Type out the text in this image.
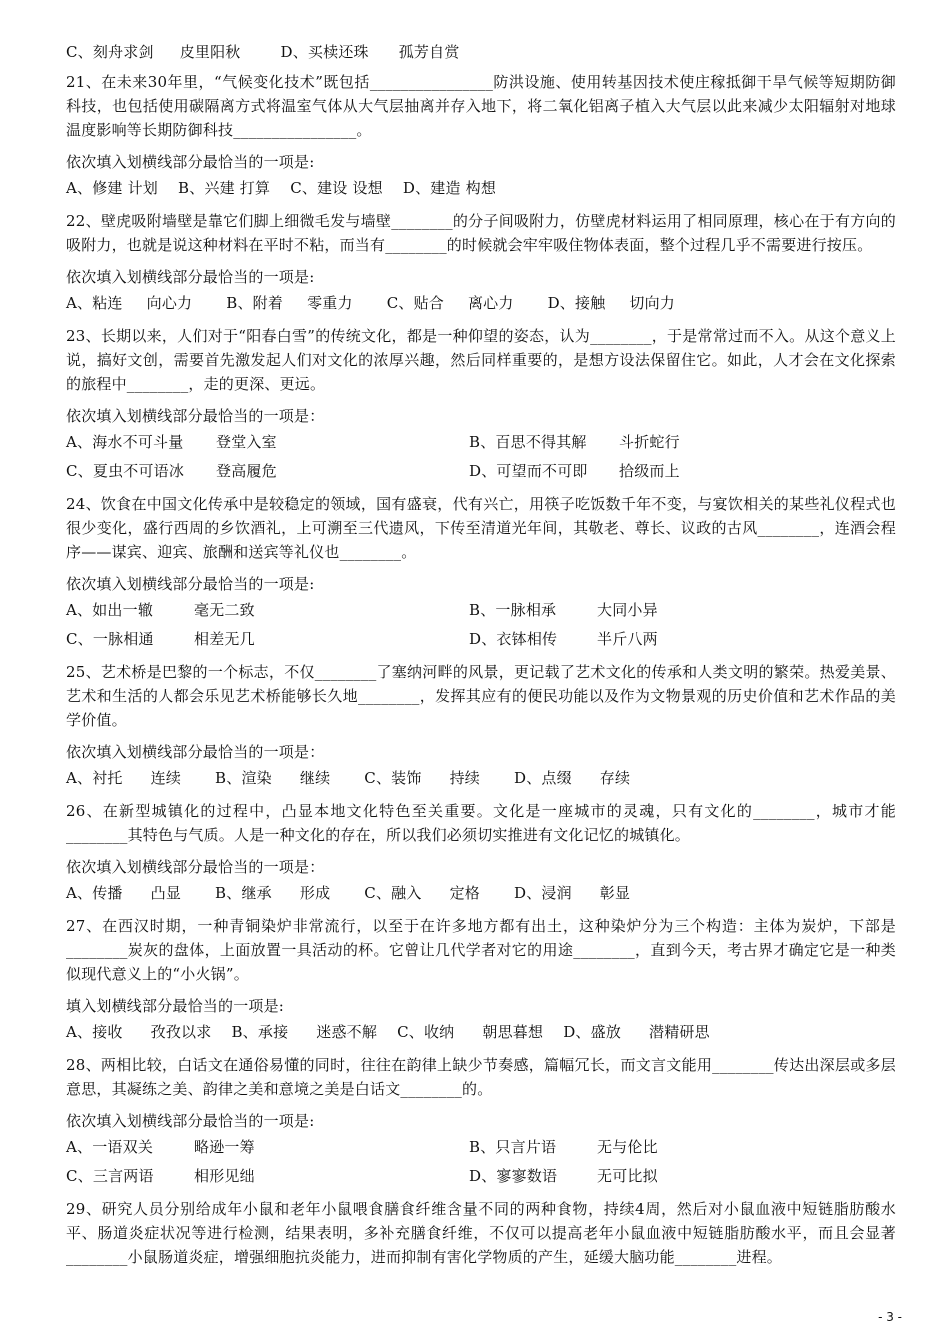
C、刻舟求剑 皮里阳秋	D、买椟还珠 孤芳自赏
21、在未来30年里，“气候变化技术”既包括________________防洪设施、使用转基因技术使庄稼抵御干旱气候等短期防御科技，也包括使用碳隔离方式将温室气体从大气层抽离并存入地下，将二氧化铝离子植入大气层以此来减少太阳辐射对地球温度影响等长期防御科技________________。
依次填入划横线部分最恰当的一项是:
A、修建 计划 B、兴建 打算 C、建设 设想 D、建造 构想
22、壁虎吸附墙壁是靠它们脚上细微毛发与墙壁________的分子间吸附力，仿壁虎材料运用了相同原理，核心在于有方向的吸附力，也就是说这种材料在平时不粘，而当有________的时候就会牢牢吸住物体表面，整个过程几乎不需要进行按压。
依次填入划横线部分最恰当的一项是:
A、粘连 向心力 B、附着 零重力 C、贴合 离心力 D、接触 切向力
23、长期以来，人们对于“阳春白雪”的传统文化，都是一种仰望的姿态，认为________，于是常常过而不入。从这个意义上说，搞好文创，需要首先激发起人们对文化的浓厚兴趣，然后同样重要的，是想方设法保留住它。如此，人才会在文化探索的旅程中________，走的更深、更远。
依次填入划横线部分最恰当的一项是：
A、海水不可斗量 登堂入室	B、百思不得其解 斗折蛇行
C、夏虫不可语冰 登高履危	D、可望而不可即 拾级而上
24、饮食在中国文化传承中是较稳定的领域，国有盛衰，代有兴亡，用筷子吃饭数千年不变，与宴饮相关的某些礼仪程式也很少变化，盛行西周的乡饮酒礼，上可溯至三代遗风，下传至清道光年间，其敬老、尊长、议政的古风________，连酒会程序——谋宾、迎宾、旅酬和送宾等礼仪也________。
依次填入划横线部分最恰当的一项是:
A、如出一辙	毫无二致	B、一脉相承	大同小异
C、一脉相通	相差无几	D、衣钵相传	半斤八两
25、艺术桥是巴黎的一个标志，不仅________了塞纳河畔的风景，更记载了艺术文化的传承和人类文明的繁荣。热爱美景、艺术和生活的人都会乐见艺术桥能够长久地________，发挥其应有的便民功能以及作为文物景观的历史价值和艺术作品的美学价值。
依次填入划横线部分最恰当的一项是：
A、衬托 连续 B、渲染 继续 C、装饰 持续 D、点缀 存续
26、在新型城镇化的过程中，凸显本地文化特色至关重要。文化是一座城市的灵魂，只有文化的________，城市才能________其特色与气质。人是一种文化的存在，所以我们必须切实推进有文化记忆的城镇化。
依次填入划横线部分最恰当的一项是：
A、传播 凸显 B、继承 形成 C、融入 定格 D、浸润 彰显
27、在西汉时期，一种青铜染炉非常流行，以至于在许多地方都有出土，这种染炉分为三个构造：主体为炭炉，下部是________炭灰的盘体，上面放置一具活动的杯。它曾让几代学者对它的用途________，直到今天，考古界才确定它是一种类似现代意义上的“小火锅”。
填入划横线部分最恰当的一项是:
A、接收 孜孜以求 B、承接 迷惑不解 C、收纳 朝思暮想 D、盛放 潜精研思
28、两相比较，白话文在通俗易懂的同时，往往在韵律上缺少节奏感，篇幅冗长，而文言文能用________传达出深层或多层意思，其凝练之美、韵律之美和意境之美是白话文________的。
依次填入划横线部分最恰当的一项是:
A、一语双关	略逊一筹	B、只言片语	无与伦比
C、三言两语	相形见绌	D、寥寥数语	无可比拟
29、研究人员分别给成年小鼠和老年小鼠喂食膳食纤维含量不同的两种食物，持续4周，然后对小鼠血液中短链脂肪酸水平、肠道炎症状况等进行检测，结果表明，多补充膳食纤维，不仅可以提高老年小鼠血液中短链脂肪酸水平，而且会显著________小鼠肠道炎症，增强细胞抗炎能力，进而抑制有害化学物质的产生，延缓大脑功能________进程。
- 3 -
